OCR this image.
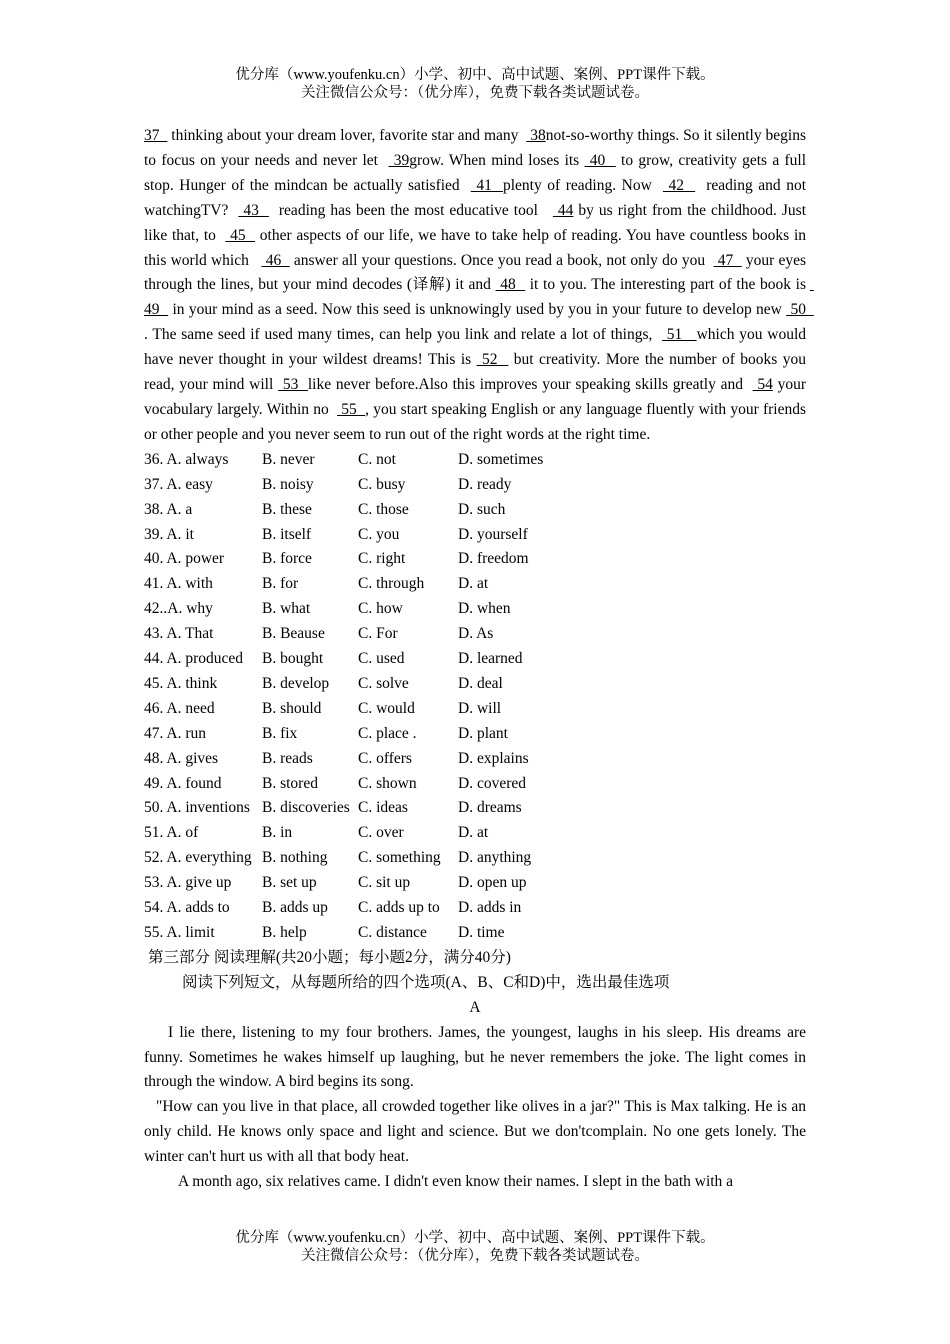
优分库（www.youfenku.cn）小学、初中、高中试题、案例、PPT课件下载。
关注微信公众号：（优分库），免费下载各类试题试卷。

37   thinking about your dream lover, favorite star and many   38not-so-worthy things. So it silently begins to focus on your needs and never let   39grow. When mind loses its  40   to grow, creativity gets a full stop. Hunger of the mindcan be actually satisfied   41  plenty of reading. Now   42    reading and not watchingTV?   43    reading has been the most educative tool    44 by us right from the childhood. Just like that, to   45   other aspects of our life, we have to take help of reading. You have countless books in this world which    46   answer all your questions. Once you read a book, not only do you   47   your eyes through the lines, but your mind decodes (译解) it and  48   it to you. The interesting part of the book is  49   in your mind as a seed. Now this seed is unknowingly used by you in your future to develop new  50  . The same seed if used many times, can help you link and relate a lot of things,   51   which you would have never thought in your wildest dreams! This is  52   but creativity. More the number of books you read, your mind will  53  like never before.Also this improves your speaking skills greatly and   54 your vocabulary largely. Within no   55  , you start speaking English or any language fluently with your friends or other people and you never seem to run out of the right words at the right time.

36. A. always	B. never	C. not	D. sometimes
37. A. easy	B. noisy	C. busy	D. ready
38. A. a	B. these	C. those	D. such
39. A. it	B. itself	C. you	D. yourself
40. A. power	B. force	C. right	D. freedom
41. A. with	B. for	C. through	D. at
42..A. why	B. what	C. how	D. when
43. A. That	B. Beause	C. For	D. As
44. A. produced	B. bought	C. used	D. learned
45. A. think	B. develop	C. solve	D. deal
46. A. need	B. should	C. would	D. will
47. A. run	B. fix	C. place .	D. plant
48. A. gives	B. reads	C. offers	D. explains
49. A. found	B. stored	C. shown	D. covered
50. A. inventions B. discoveries C. ideas	D. dreams
51. A. of	B. in	C. over	D. at
52. A. everything B. nothing	C. something	D. anything
53. A. give up	B. set up	C. sit up	D. open up
54. A. adds to	B. adds up	C. adds up to	D. adds in
55. A. limit	B. help	C. distance	D. time

第三部分 阅读理解(共20小题；每小题2分，满分40分)

阅读下列短文，从每题所给的四个选项(A、B、C和D)中，选出最佳选项

A

I lie there, listening to my four brothers. James, the youngest, laughs in his sleep. His dreams are funny. Sometimes he wakes himself up laughing, but he never remembers the joke. The light comes in through the window. A bird begins its song.

"How can you live in that place, all crowded together like olives in a jar?" This is Max talking. He is an only child. He knows only space and light and science. But we don'tcomplain. No one gets lonely. The winter can't hurt us with all that body heat.

A month ago, six relatives came. I didn't even know their names. I slept in the bath with a

优分库（www.youfenku.cn）小学、初中、高中试题、案例、PPT课件下载。
关注微信公众号：（优分库），免费下载各类试题试卷。
